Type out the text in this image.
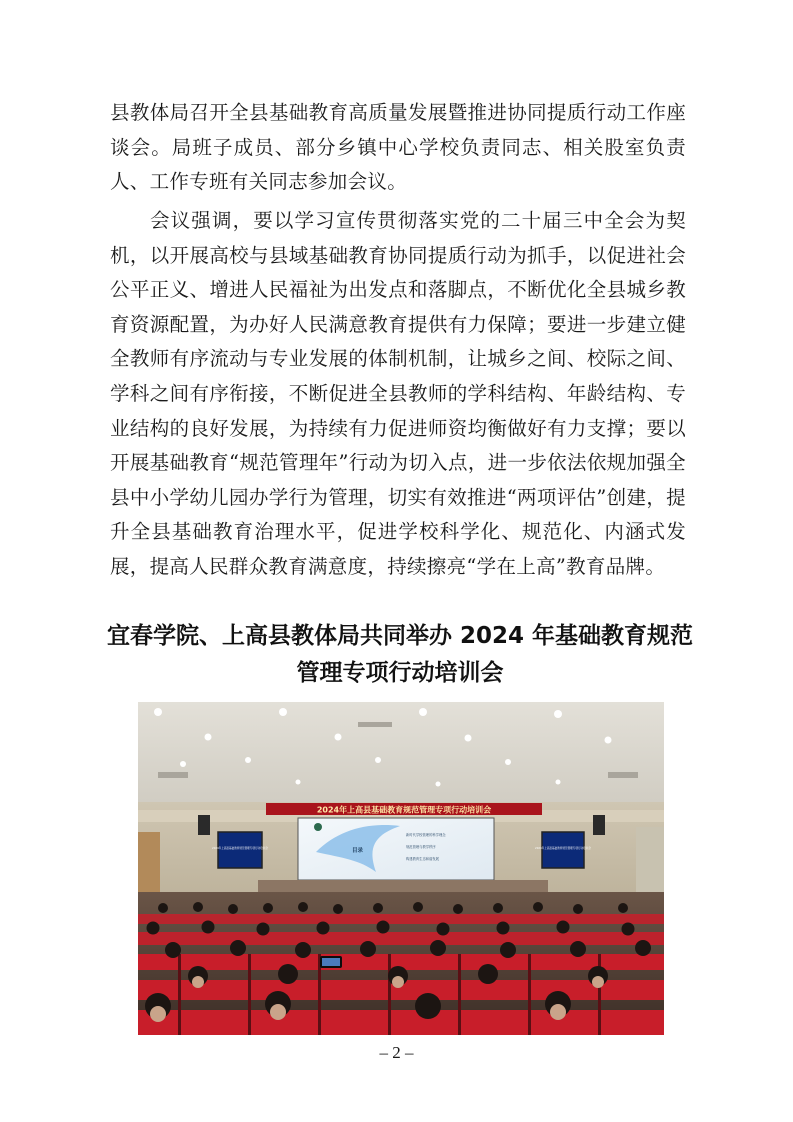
县教体局召开全县基础教育高质量发展暨推进协同提质行动工作座谈会。局班子成员、部分乡镇中心学校负责同志、相关股室负责人、工作专班有关同志参加会议。

会议强调，要以学习宣传贯彻落实党的二十届三中全会为契机，以开展高校与县域基础教育协同提质行动为抓手，以促进社会公平正义、增进人民福祉为出发点和落脚点，不断优化全县城乡教育资源配置，为办好人民满意教育提供有力保障；要进一步建立健全教师有序流动与专业发展的体制机制，让城乡之间、校际之间、学科之间有序衔接，不断促进全县教师的学科结构、年龄结构、专业结构的良好发展，为持续有力促进师资均衡做好有力支撑；要以开展基础教育“规范管理年”行动为切入点，进一步依法依规加强全县中小学幼儿园办学行为管理，切实有效推进“两项评估”创建，提升全县基础教育治理水平，促进学校科学化、规范化、内涵式发展，提高人民群众教育满意度，持续擦亮“学在上高”教育品牌。

宜春学院、上高县教体局共同举办 2024 年基础教育规范管理专项行动培训会
2024年上高县基础教育规范管理专项行动培训会
2024年上高县基础教育规范管理专项行动培训会	2024年上高县基础教育规范管理专项行动培训会
目录
新时代学校管理的科学理念
规范管理与教学秩序
构建教育生态和谐发展
– 2 –
